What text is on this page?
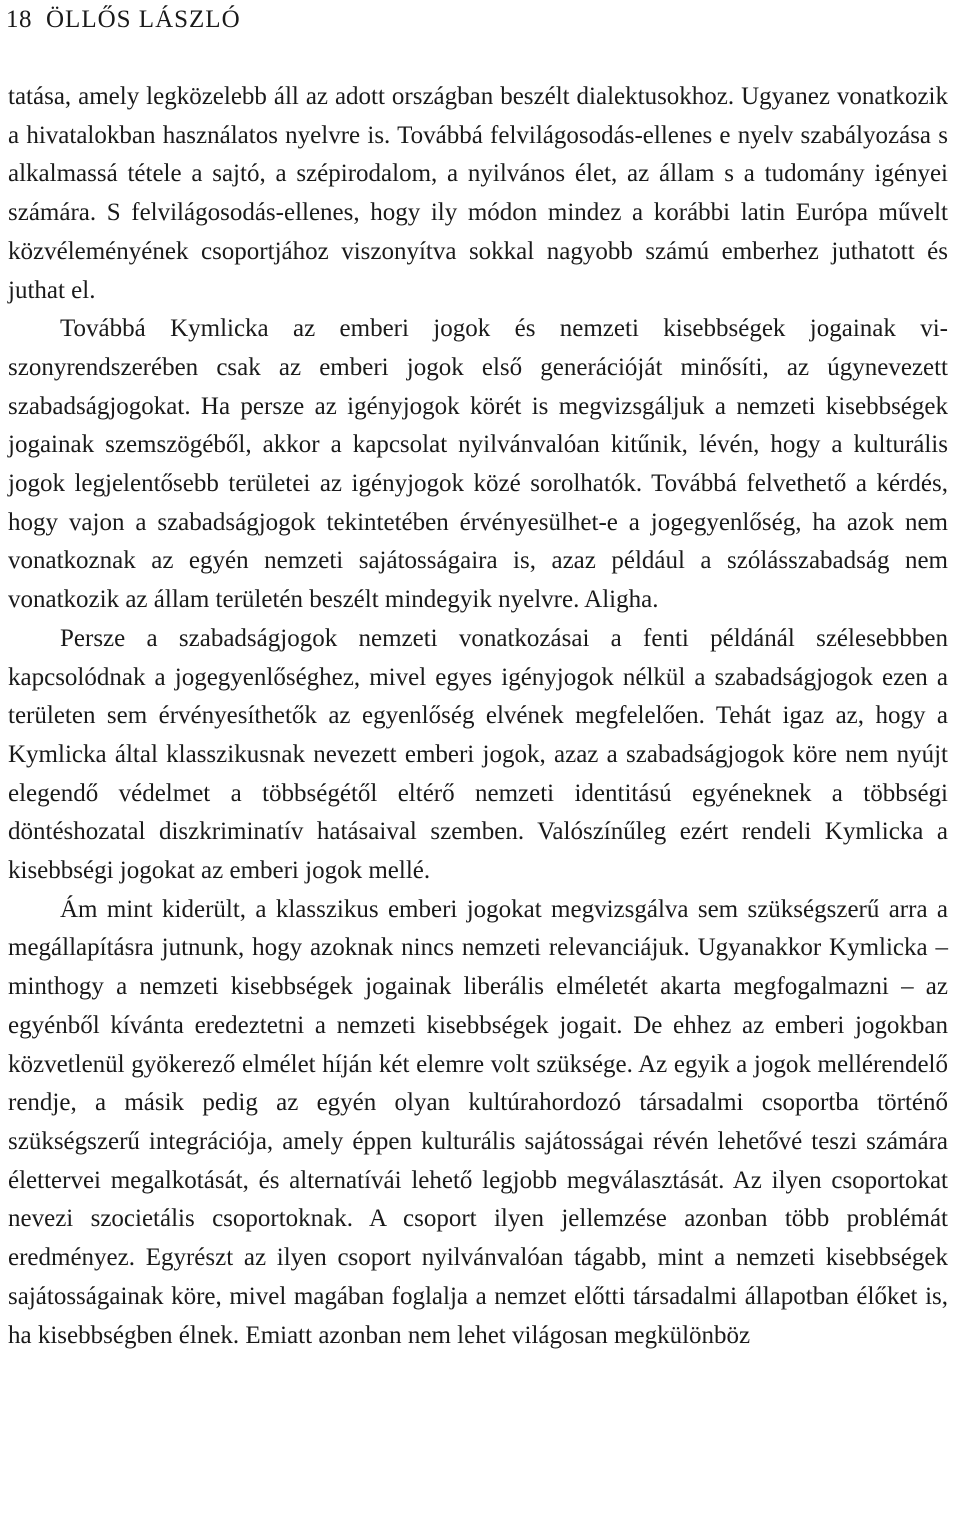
18 ÖLLŐS LÁSZLÓ

tatása, amely legközelebb áll az adott országban beszélt dialektusokhoz. Ugyanez vonatkozik a hivatalokban használatos nyelvre is. Továbbá felvilágosodás-ellenes e nyelv szabályozása s alkalmassá tétele a sajtó, a szépirodalom, a nyilvános élet, az állam s a tudomány igényei számára. S felvilágosodás-ellenes, hogy ily módon mindez a korábbi latin Európa művelt közvéleményének csoportjához viszonyítva sokkal nagyobb számú emberhez juthatott és juthat el.

Továbbá Kymlicka az emberi jogok és nemzeti kisebbségek jogainak viszonyrendszerében csak az emberi jogok első generációját minősíti, az úgynevezett szabadságjogokat. Ha persze az igényjogok körét is megvizsgáljuk a nemzeti kisebbségek jogainak szemszögéből, akkor a kapcsolat nyilvánvalóan kitűnik, lévén, hogy a kulturális jogok legjelentősebb területei az igényjogok közé sorolhatók. Továbbá felvethető a kérdés, hogy vajon a szabadságjogok tekintetében érvényesülhet-e a jogegyenlőség, ha azok nem vonatkoznak az egyén nemzeti sajátosságaira is, azaz például a szólásszabadság nem vonatkozik az állam területén beszélt mindegyik nyelvre. Aligha.

Persze a szabadságjogok nemzeti vonatkozásai a fenti példánál szélesebbben kapcsolódnak a jogegyenlőséghez, mivel egyes igényjogok nélkül a szabadságjogok ezen a területen sem érvényesíthetők az egyenlőség elvének megfelelően. Tehát igaz az, hogy a Kymlicka által klasszikusnak nevezett emberi jogok, azaz a szabadságjogok köre nem nyújt elegendő védelmet a többségétől eltérő nemzeti identitású egyéneknek a többségi döntéshozatal diszkriminatív hatásaival szemben. Valószínűleg ezért rendeli Kymlicka a kisebbségi jogokat az emberi jogok mellé.

Ám mint kiderült, a klasszikus emberi jogokat megvizsgálva sem szükségszerű arra a megállapításra jutnunk, hogy azoknak nincs nemzeti relevanciájuk. Ugyanakkor Kymlicka – minthogy a nemzeti kisebbségek jogainak liberális elméletét akarta megfogalmazni – az egyénből kívánta eredeztetni a nemzeti kisebbségek jogait. De ehhez az emberi jogokban közvetlenül gyökerező elmélet híján két elemre volt szüksége. Az egyik a jogok mellérendelő rendje, a másik pedig az egyén olyan kultúrahordozó társadalmi csoportba történő szükségszerű integrációja, amely éppen kulturális sajátosságai révén lehetővé teszi számára élettervei megalkotását, és alternatívái lehető legjobb megválasztását. Az ilyen csoportokat nevezi szocietális csoportoknak. A csoport ilyen jellemzése azonban több problémát eredményez. Egyrészt az ilyen csoport nyilvánvalóan tágabb, mint a nemzeti kisebbségek sajátosságainak köre, mivel magában foglalja a nemzet előtti társadalmi állapotban élőket is, ha kisebbségben élnek. Emiatt azonban nem lehet világosan megkülönböz
